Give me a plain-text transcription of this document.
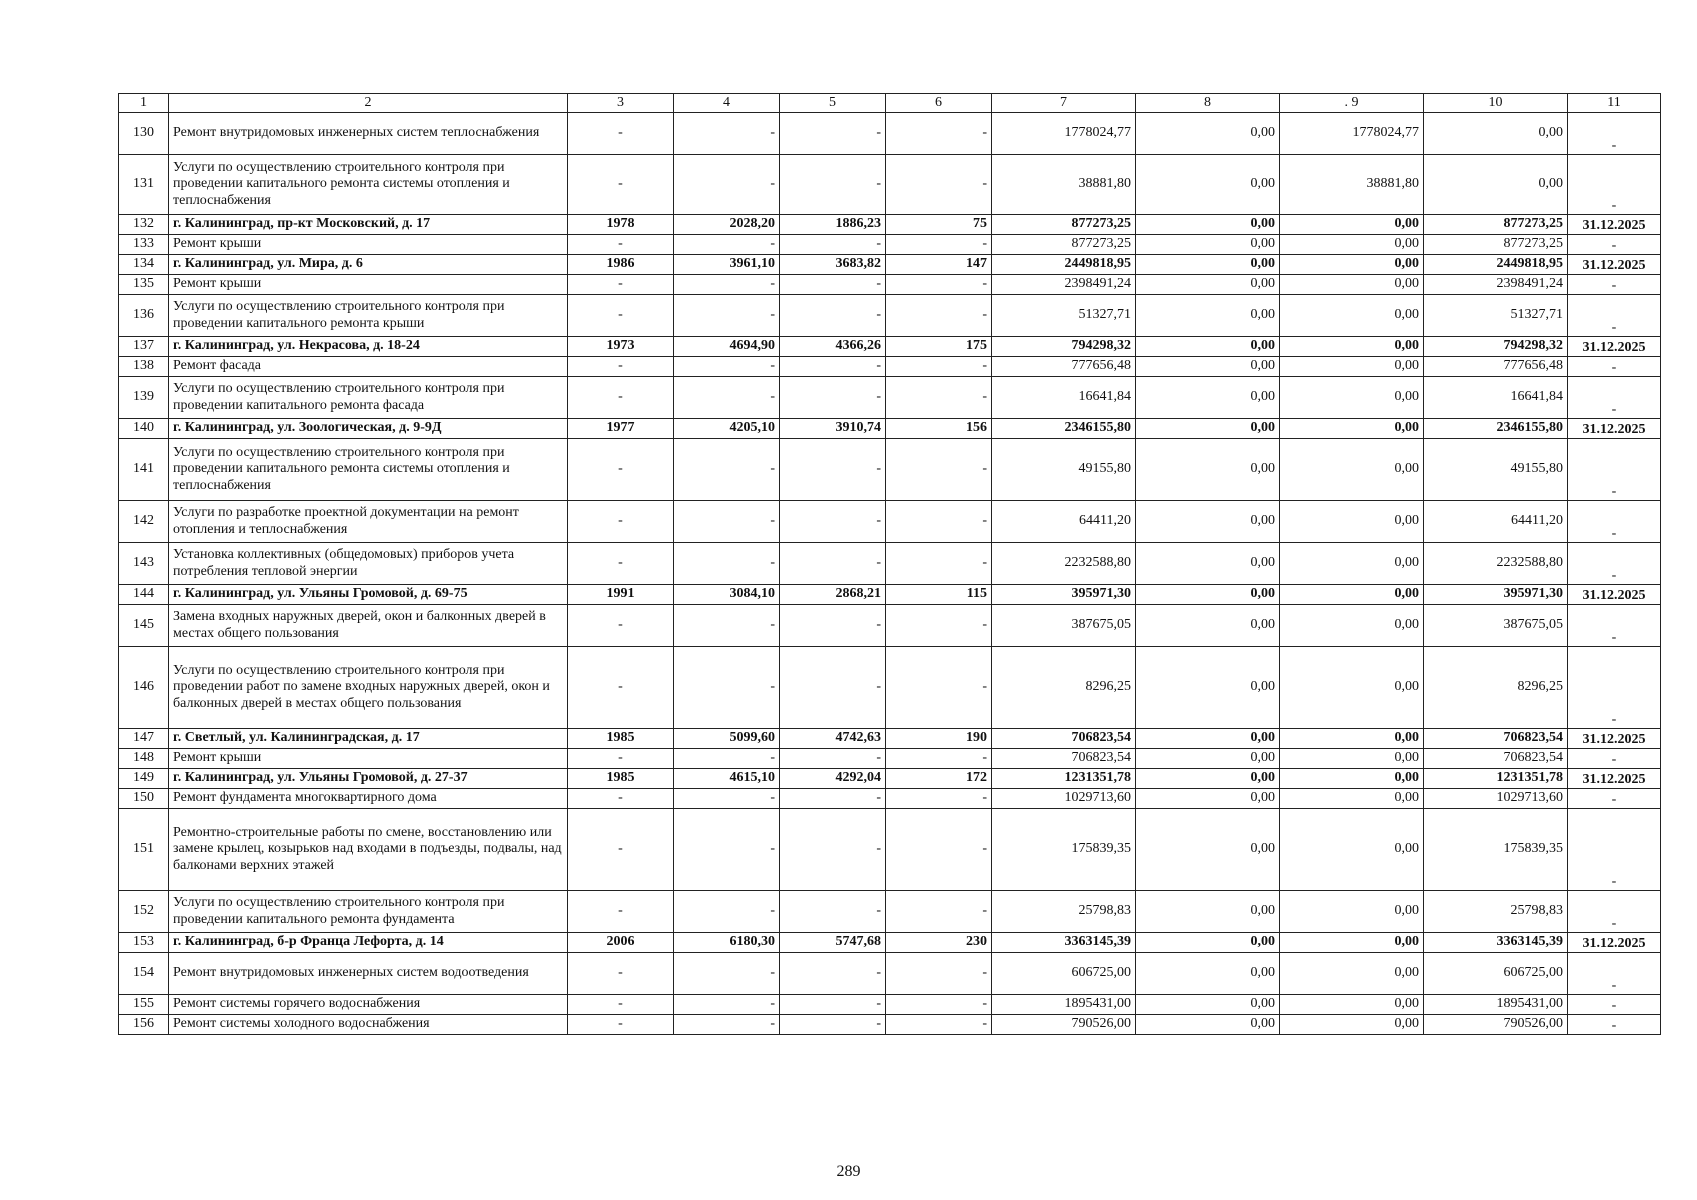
1	2	3	4	5	6	7	8	. 9	10	11
130	Ремонт внутридомовых инженерных систем теплоснабжения	-	-	-	-	1778024,77	0,00	1778024,77	0,00	-
131	Услуги по осуществлению строительного контроля при проведении капитального ремонта системы отопления и теплоснабжения	-	-	-	-	38881,80	0,00	38881,80	0,00	-
132	г. Калининград, пр-кт Московский, д. 17	1978	2028,20	1886,23	75	877273,25	0,00	0,00	877273,25	31.12.2025
133	Ремонт крыши	-	-	-	-	877273,25	0,00	0,00	877273,25	-
134	г. Калининград, ул. Мира, д. 6	1986	3961,10	3683,82	147	2449818,95	0,00	0,00	2449818,95	31.12.2025
135	Ремонт крыши	-	-	-	-	2398491,24	0,00	0,00	2398491,24	-
136	Услуги по осуществлению строительного контроля при проведении капитального ремонта крыши	-	-	-	-	51327,71	0,00	0,00	51327,71	-
137	г. Калининград, ул. Некрасова, д. 18-24	1973	4694,90	4366,26	175	794298,32	0,00	0,00	794298,32	31.12.2025
138	Ремонт фасада	-	-	-	-	777656,48	0,00	0,00	777656,48	-
139	Услуги по осуществлению строительного контроля при проведении капитального ремонта фасада	-	-	-	-	16641,84	0,00	0,00	16641,84	-
140	г. Калининград, ул. Зоологическая, д. 9-9Д	1977	4205,10	3910,74	156	2346155,80	0,00	0,00	2346155,80	31.12.2025
141	Услуги по осуществлению строительного контроля при проведении капитального ремонта системы отопления и теплоснабжения	-	-	-	-	49155,80	0,00	0,00	49155,80	-
142	Услуги по разработке проектной документации на ремонт отопления и теплоснабжения	-	-	-	-	64411,20	0,00	0,00	64411,20	-
143	Установка коллективных (общедомовых) приборов учета потребления тепловой энергии	-	-	-	-	2232588,80	0,00	0,00	2232588,80	-
144	г. Калининград, ул. Ульяны Громовой, д. 69-75	1991	3084,10	2868,21	115	395971,30	0,00	0,00	395971,30	31.12.2025
145	Замена входных наружных дверей, окон и балконных дверей в местах общего пользования	-	-	-	-	387675,05	0,00	0,00	387675,05	-
146	Услуги по осуществлению строительного контроля при проведении работ по замене входных наружных дверей, окон и балконных дверей в местах общего пользования	-	-	-	-	8296,25	0,00	0,00	8296,25	-
147	г. Светлый, ул. Калининградская, д. 17	1985	5099,60	4742,63	190	706823,54	0,00	0,00	706823,54	31.12.2025
148	Ремонт крыши	-	-	-	-	706823,54	0,00	0,00	706823,54	-
149	г. Калининград, ул. Ульяны Громовой, д. 27-37	1985	4615,10	4292,04	172	1231351,78	0,00	0,00	1231351,78	31.12.2025
150	Ремонт фундамента многоквартирного дома	-	-	-	-	1029713,60	0,00	0,00	1029713,60	-
151	Ремонтно-строительные работы по смене, восстановлению или замене крылец, козырьков над входами в подъезды, подвалы, над балконами верхних этажей	-	-	-	-	175839,35	0,00	0,00	175839,35	-
152	Услуги по осуществлению строительного контроля при проведении капитального ремонта фундамента	-	-	-	-	25798,83	0,00	0,00	25798,83	-
153	г. Калининград, б-р Франца Лефорта, д. 14	2006	6180,30	5747,68	230	3363145,39	0,00	0,00	3363145,39	31.12.2025
154	Ремонт внутридомовых инженерных систем водоотведения	-	-	-	-	606725,00	0,00	0,00	606725,00	-
155	Ремонт системы горячего водоснабжения	-	-	-	-	1895431,00	0,00	0,00	1895431,00	-
156	Ремонт системы холодного водоснабжения	-	-	-	-	790526,00	0,00	0,00	790526,00	-
289
